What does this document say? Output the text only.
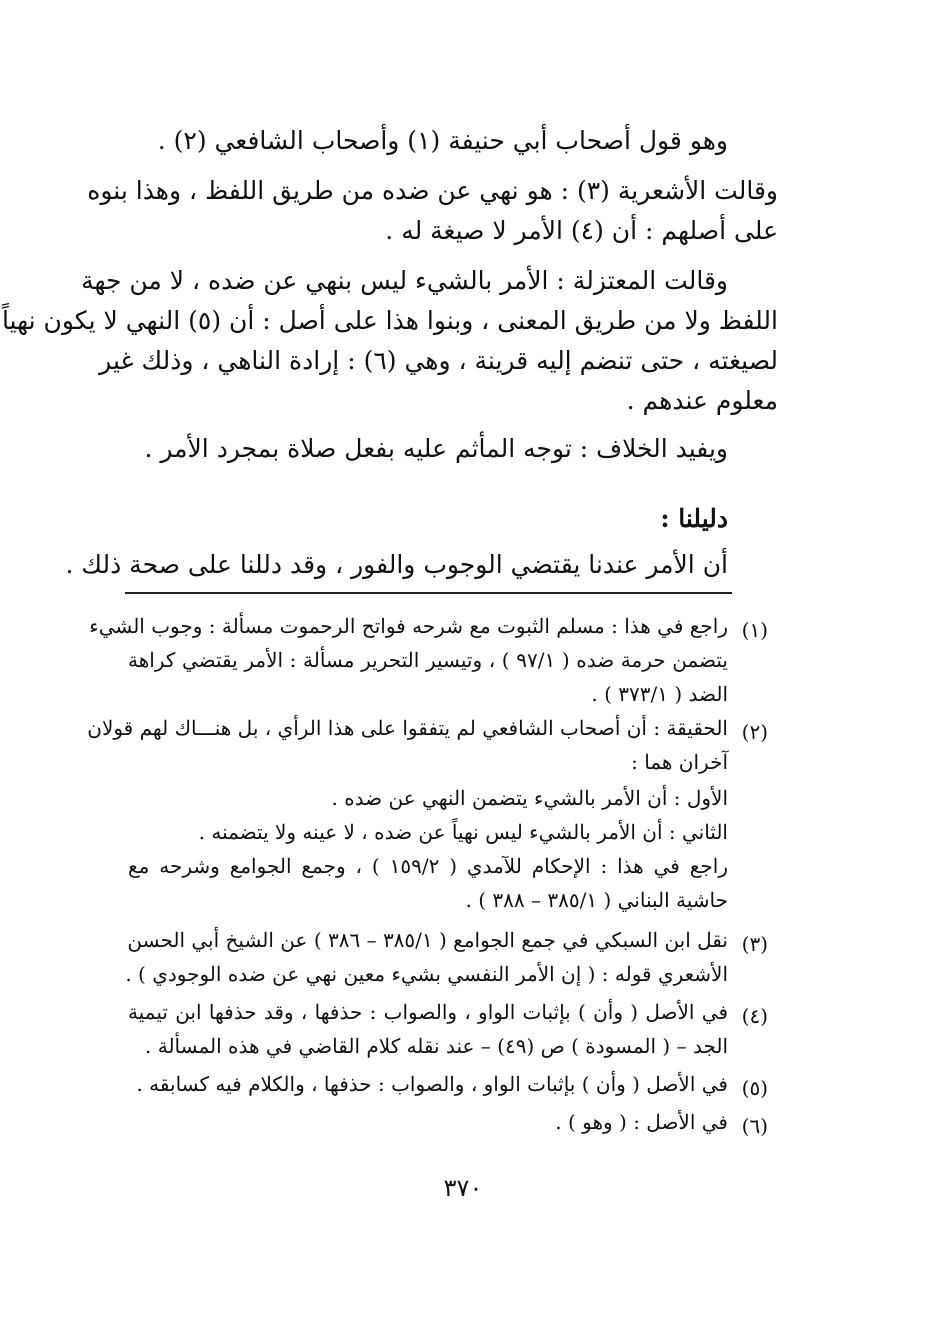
وهو قول أصحاب أبي حنيفة (١) وأصحاب الشافعي (٢) .
وقالت الأشعرية (٣) : هو نهي عن ضده من طريق اللفظ ، وهذا بنوه
على أصلهم : أن (٤) الأمر لا صيغة له .
وقالت المعتزلة : الأمر بالشيء ليس بنهي عن ضده ، لا من جهة
اللفظ ولا من طريق المعنى ، وبنوا هذا على أصل : أن (٥) النهي لا يكون نهياً
لصيغته ، حتى تنضم إليه قرينة ، وهي (٦) : إرادة الناهي ، وذلك غير
معلوم عندهم .
ويفيد الخلاف : توجه المأثم عليه بفعل صلاة بمجرد الأمر .
دليلنا :
أن الأمر عندنا يقتضي الوجوب والفور ، وقد دللنا على صحة ذلك .
(١)
راجع في هذا : مسلم الثبوت مع شرحه فواتح الرحموت مسألة : وجوب الشيء
يتضمن حرمة ضده ( ٩٧/١ ) ، وتيسير التحرير مسألة : الأمر يقتضي كراهة
الضد ( ٣٧٣/١ ) .
(٢)
الحقيقة : أن أصحاب الشافعي لم يتفقوا على هذا الرأي ، بل هنـــاك لهم قولان
آخران هما :
الأول : أن الأمر بالشيء يتضمن النهي عن ضده .
الثاني : أن الأمر بالشيء ليس نهياً عن ضده ، لا عينه ولا يتضمنه .
راجع في هذا : الإحكام للآمدي ( ١٥٩/٢ ) ، وجمع الجوامع وشرحه مع
حاشية البناني ( ٣٨٥/١ – ٣٨٨ ) .
(٣)
نقل ابن السبكي في جمع الجوامع ( ٣٨٥/١ – ٣٨٦ ) عن الشيخ أبي الحسن
الأشعري قوله : ( إن الأمر النفسي بشيء معين نهي عن ضده الوجودي ) .
(٤)
في الأصل ( وأن ) بإثبات الواو ، والصواب : حذفها ، وقد حذفها ابن تيمية
الجد – ( المسودة ) ص (٤٩) – عند نقله كلام القاضي في هذه المسألة .
(٥)
في الأصل ( وأن ) بإثبات الواو ، والصواب : حذفها ، والكلام فيه كسابقه .
(٦)
في الأصل : ( وهو ) .
٣٧٠
